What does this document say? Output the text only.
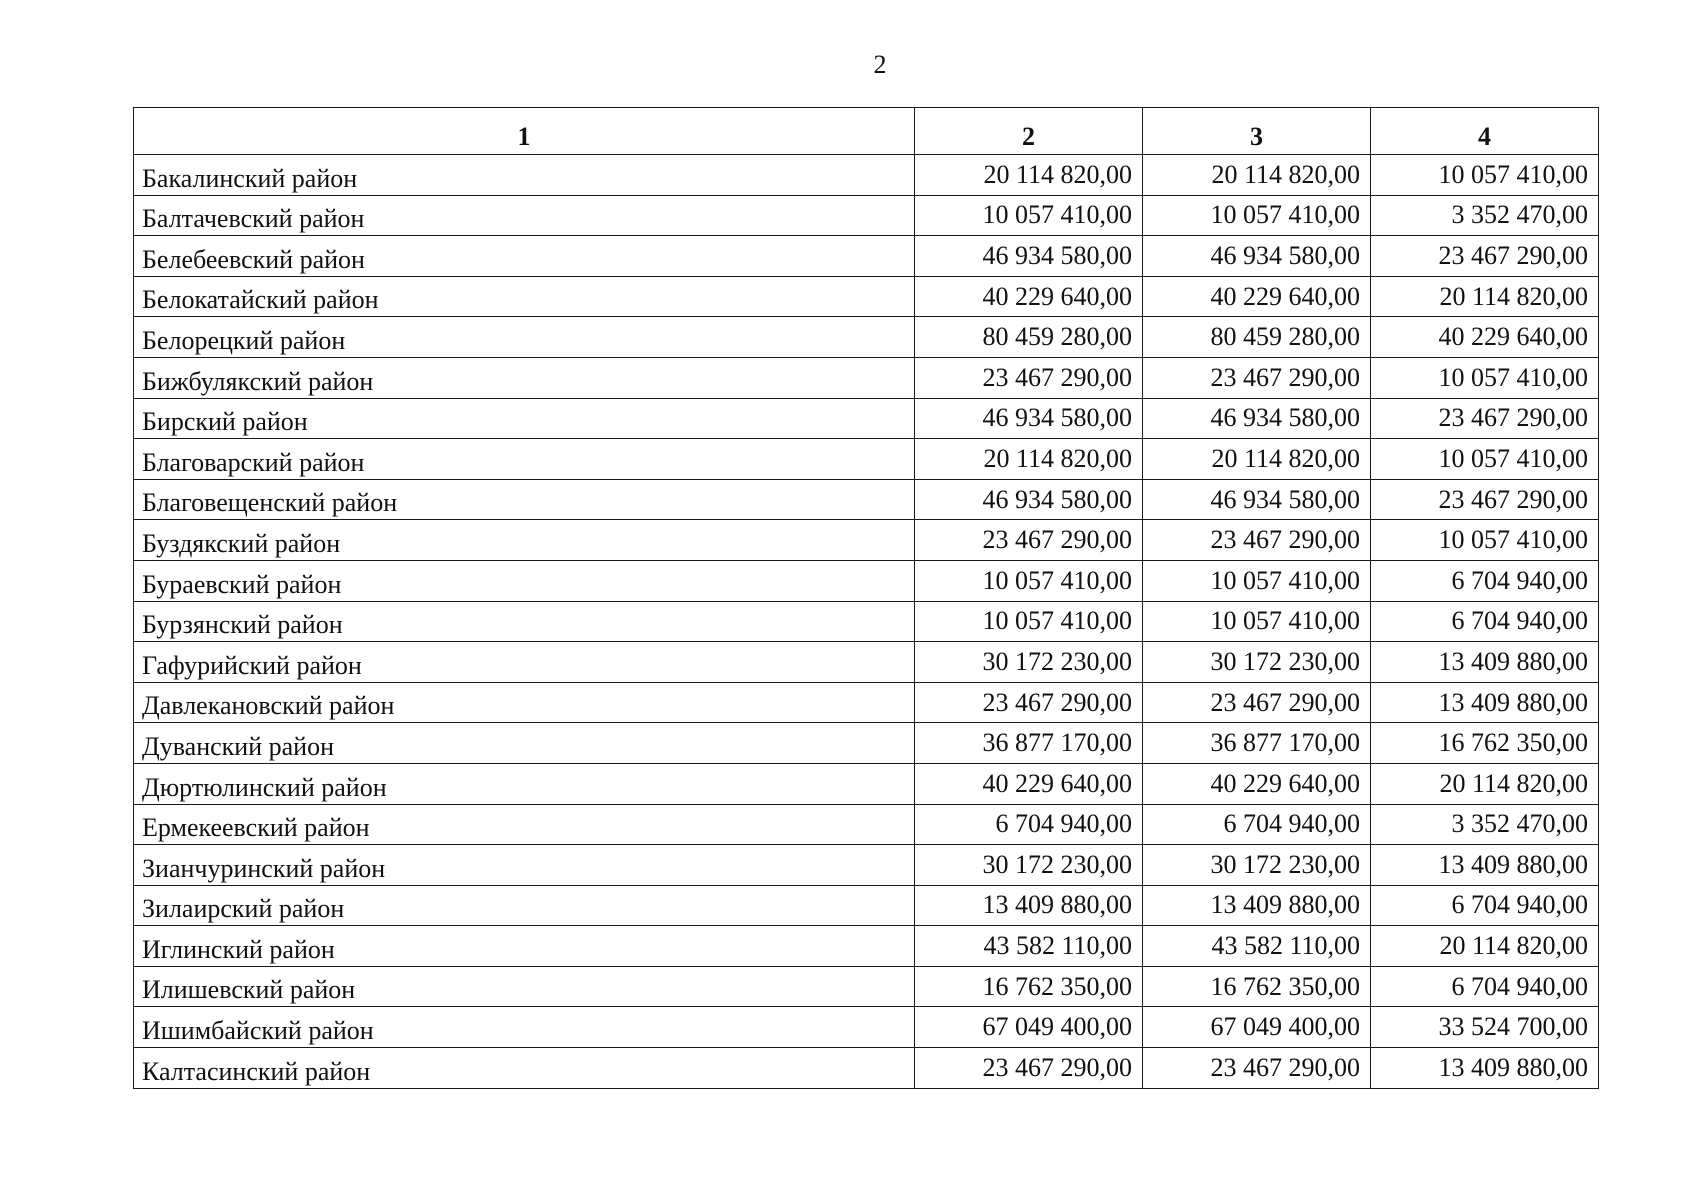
2
1	2	3	4
Бакалинский район	20 114 820,00	20 114 820,00	10 057 410,00
Балтачевский район	10 057 410,00	10 057 410,00	3 352 470,00
Белебеевский район	46 934 580,00	46 934 580,00	23 467 290,00
Белокатайский район	40 229 640,00	40 229 640,00	20 114 820,00
Белорецкий район	80 459 280,00	80 459 280,00	40 229 640,00
Бижбулякский район	23 467 290,00	23 467 290,00	10 057 410,00
Бирский район	46 934 580,00	46 934 580,00	23 467 290,00
Благоварский район	20 114 820,00	20 114 820,00	10 057 410,00
Благовещенский район	46 934 580,00	46 934 580,00	23 467 290,00
Буздякский район	23 467 290,00	23 467 290,00	10 057 410,00
Бураевский район	10 057 410,00	10 057 410,00	6 704 940,00
Бурзянский район	10 057 410,00	10 057 410,00	6 704 940,00
Гафурийский район	30 172 230,00	30 172 230,00	13 409 880,00
Давлекановский район	23 467 290,00	23 467 290,00	13 409 880,00
Дуванский район	36 877 170,00	36 877 170,00	16 762 350,00
Дюртюлинский район	40 229 640,00	40 229 640,00	20 114 820,00
Ермекеевский район	6 704 940,00	6 704 940,00	3 352 470,00
Зианчуринский район	30 172 230,00	30 172 230,00	13 409 880,00
Зилаирский район	13 409 880,00	13 409 880,00	6 704 940,00
Иглинский район	43 582 110,00	43 582 110,00	20 114 820,00
Илишевский район	16 762 350,00	16 762 350,00	6 704 940,00
Ишимбайский район	67 049 400,00	67 049 400,00	33 524 700,00
Калтасинский район	23 467 290,00	23 467 290,00	13 409 880,00
